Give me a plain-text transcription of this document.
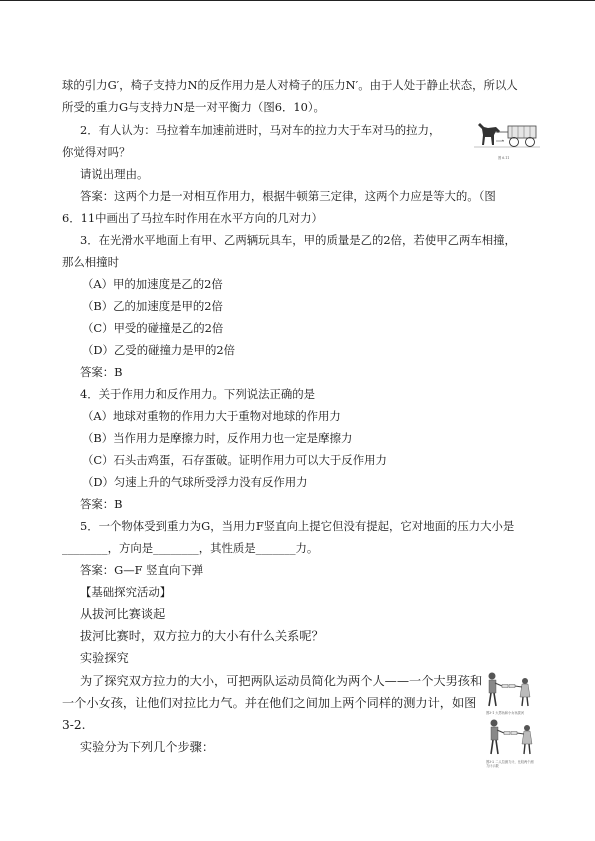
球的引力G′，椅子支持力N的反作用力是人对椅子的压力N′。由于人处于静止状态，所以人
所受的重力G与支持力N是一对平衡力（图6．10）。
2．有人认为：马拉着车加速前进时，马对车的拉力大于车对马的拉力，
你觉得对吗？
请说出理由。
答案：这两个力是一对相互作用力，根据牛顿第三定律，这两个力应是等大的。（图
6．11中画出了马拉车时作用在水平方向的几对力）
3．在光滑水平地面上有甲、乙两辆玩具车，甲的质量是乙的2倍，若使甲乙两车相撞，
那么相撞时
（A）甲的加速度是乙的2倍
（B）乙的加速度是甲的2倍
（C）甲受的碰撞是乙的2倍
（D）乙受的碰撞力是甲的2倍
答案：B
4．关于作用力和反作用力。下列说法正确的是
（A）地球对重物的作用力大于重物对地球的作用力
（B）当作用力是摩擦力时，反作用力也一定是摩擦力
（C）石头击鸡蛋，石存蛋破。证明作用力可以大于反作用力
（D）匀速上升的气球所受浮力没有反作用力
答案：B
5．一个物体受到重力为G，当用力F竖直向上提它但没有提起，它对地面的压力大小是
________，方向是________，其性质是_______力。
答案：G—F 竖直向下弹
【基础探究活动】
从拔河比赛谈起
拔河比赛时，双方拉力的大小有什么关系呢？
实验探究
为了探究双方拉力的大小，可把两队运动员简化为两个人——一个大男孩和
一个小女孩，让他们对拉比力气。并在他们之间加上两个同样的测力计，如图
3-2.
实验分为下列几个步骤：
图 6.11
图3-1 大男孩和小女孩拔河
图3-2 二人拉测力计，比较两个测力计示数
